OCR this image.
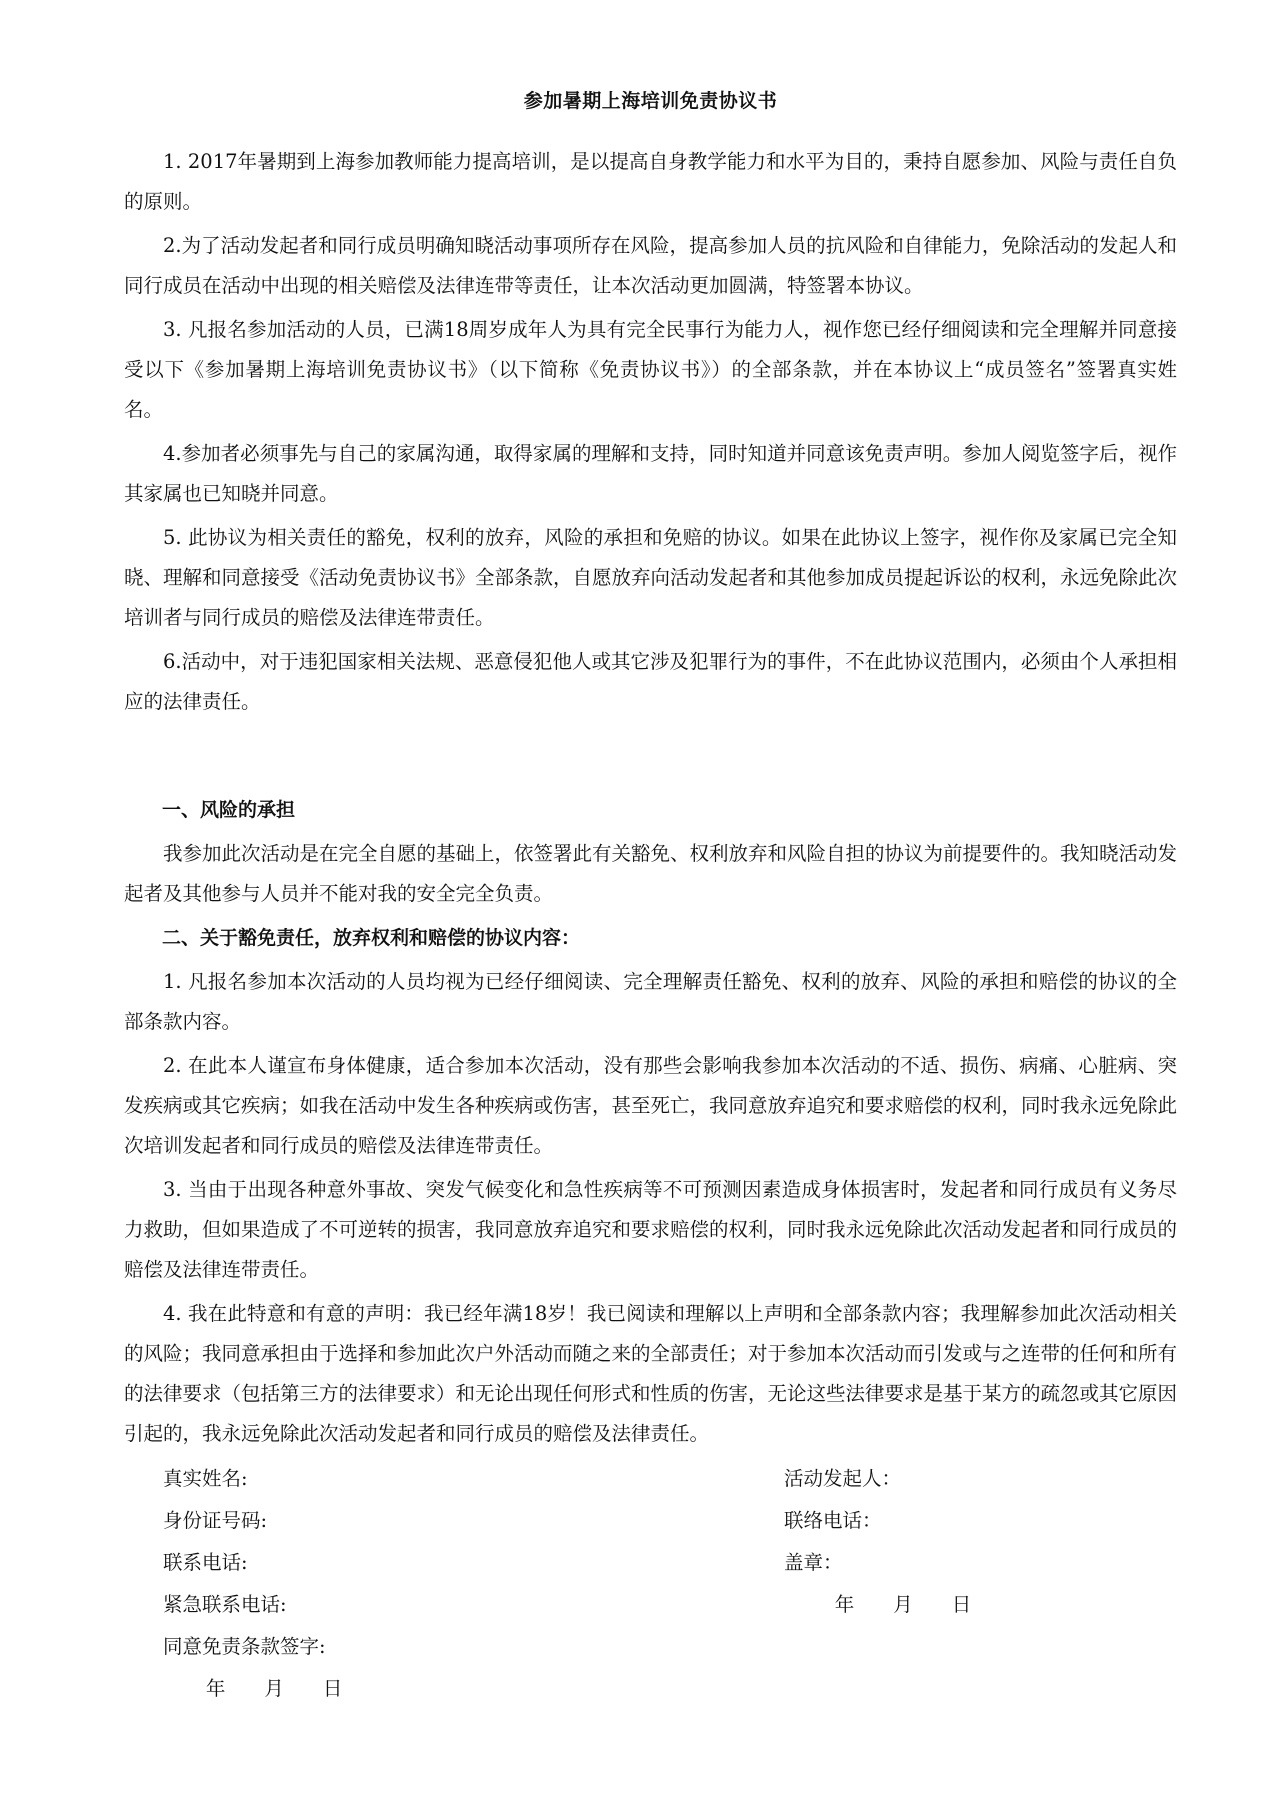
参加暑期上海培训免责协议书

1. 2017年暑期到上海参加教师能力提高培训，是以提高自身教学能力和水平为目的，秉持自愿参加、风险与责任自负的原则。

2.为了活动发起者和同行成员明确知晓活动事项所存在风险，提高参加人员的抗风险和自律能力，免除活动的发起人和同行成员在活动中出现的相关赔偿及法律连带等责任，让本次活动更加圆满，特签署本协议。

3. 凡报名参加活动的人员，已满18周岁成年人为具有完全民事行为能力人，视作您已经仔细阅读和完全理解并同意接受以下《参加暑期上海培训免责协议书》（以下简称《免责协议书》）的全部条款，并在本协议上“成员签名”签署真实姓名。

4.参加者必须事先与自己的家属沟通，取得家属的理解和支持，同时知道并同意该免责声明。参加人阅览签字后，视作其家属也已知晓并同意。

5. 此协议为相关责任的豁免，权利的放弃，风险的承担和免赔的协议。如果在此协议上签字，视作你及家属已完全知晓、理解和同意接受《活动免责协议书》全部条款，自愿放弃向活动发起者和其他参加成员提起诉讼的权利，永远免除此次培训者与同行成员的赔偿及法律连带责任。

6.活动中，对于违犯国家相关法规、恶意侵犯他人或其它涉及犯罪行为的事件，不在此协议范围内，必须由个人承担相应的法律责任。

一、风险的承担

我参加此次活动是在完全自愿的基础上，依签署此有关豁免、权利放弃和风险自担的协议为前提要件的。我知晓活动发起者及其他参与人员并不能对我的安全完全负责。

二、关于豁免责任，放弃权利和赔偿的协议内容：

1. 凡报名参加本次活动的人员均视为已经仔细阅读、完全理解责任豁免、权利的放弃、风险的承担和赔偿的协议的全部条款内容。

2. 在此本人谨宣布身体健康，适合参加本次活动，没有那些会影响我参加本次活动的不适、损伤、病痛、心脏病、突发疾病或其它疾病；如我在活动中发生各种疾病或伤害，甚至死亡，我同意放弃追究和要求赔偿的权利，同时我永远免除此次培训发起者和同行成员的赔偿及法律连带责任。

3. 当由于出现各种意外事故、突发气候变化和急性疾病等不可预测因素造成身体损害时，发起者和同行成员有义务尽力救助，但如果造成了不可逆转的损害，我同意放弃追究和要求赔偿的权利，同时我永远免除此次活动发起者和同行成员的赔偿及法律连带责任。

4. 我在此特意和有意的声明：我已经年满18岁！我已阅读和理解以上声明和全部条款内容；我理解参加此次活动相关的风险；我同意承担由于选择和参加此次户外活动而随之来的全部责任；对于参加本次活动而引发或与之连带的任何和所有的法律要求（包括第三方的法律要求）和无论出现任何形式和性质的伤害，无论这些法律要求是基于某方的疏忽或其它原因引起的，我永远免除此次活动发起者和同行成员的赔偿及法律责任。

真实姓名:
身份证号码:
联系电话:
紧急联系电话:
同意免责条款签字:
年　　月　　日
活动发起人：
联络电话：
盖章：
年　　月　　日
